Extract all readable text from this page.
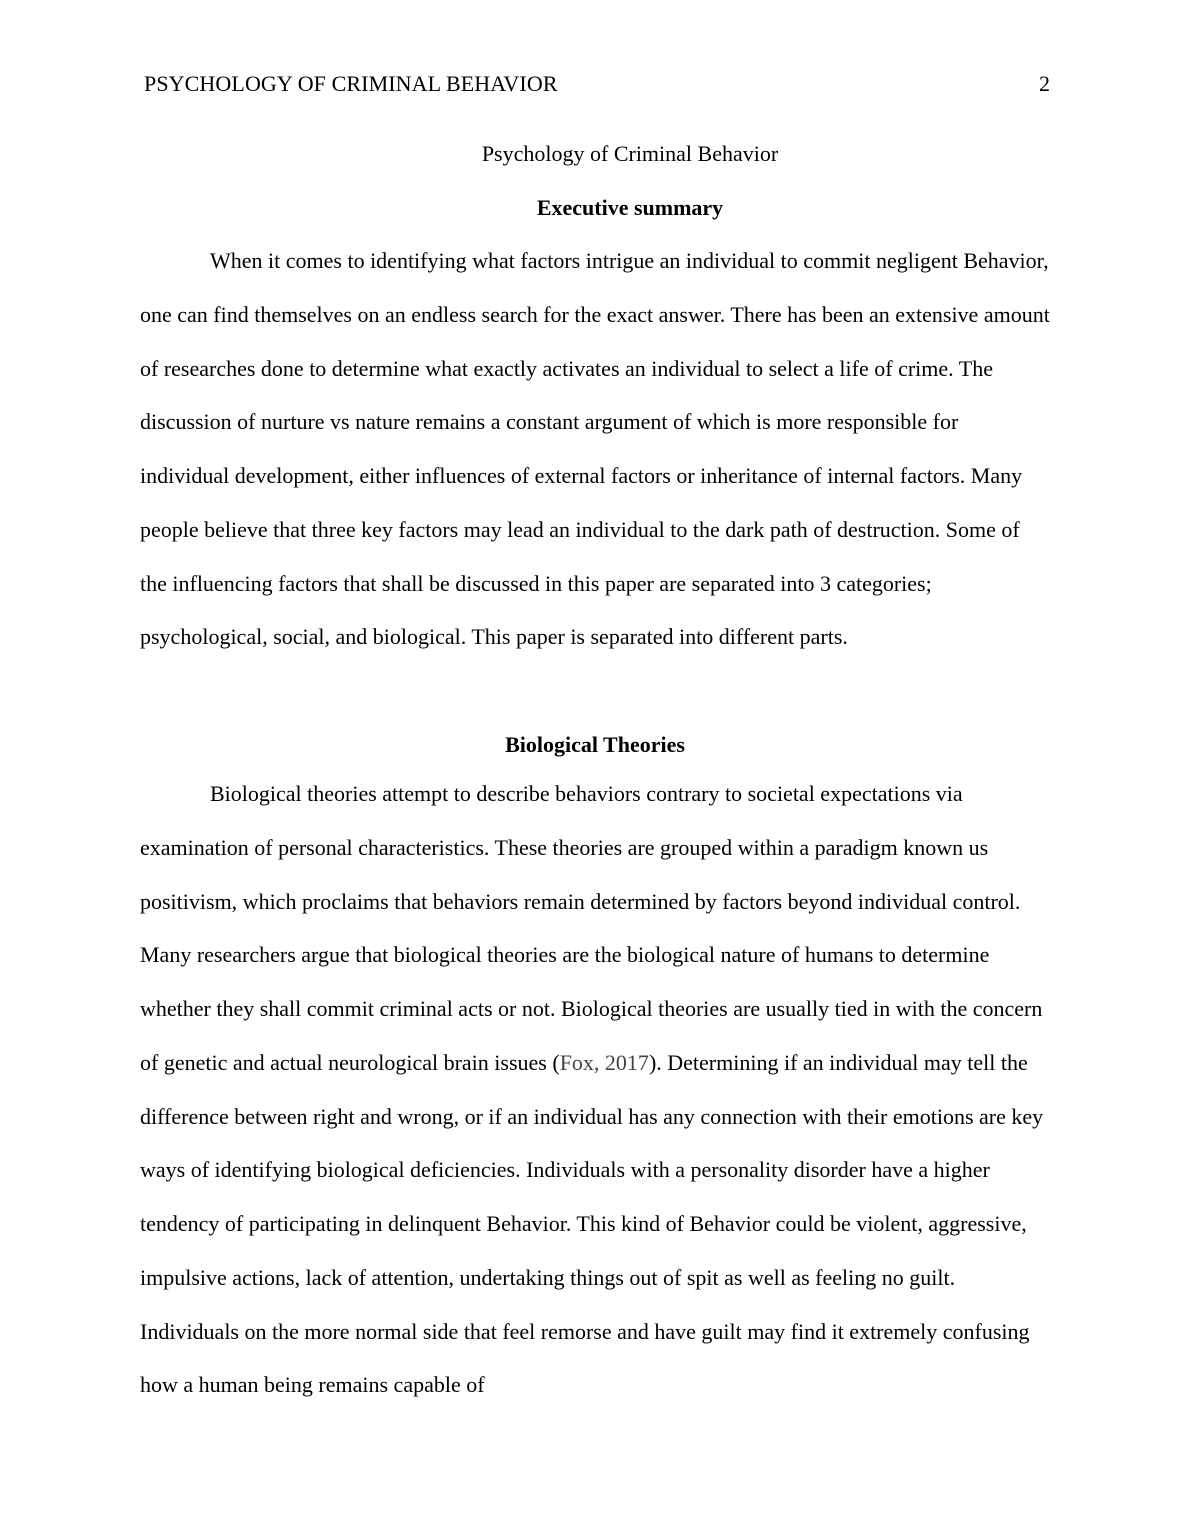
PSYCHOLOGY OF CRIMINAL BEHAVIOR	2
Psychology of Criminal Behavior
Executive summary

When it comes to identifying what factors intrigue an individual to commit negligent Behavior, one can find themselves on an endless search for the exact answer. There has been an extensive amount of researches done to determine what exactly activates an individual to select a life of crime. The discussion of nurture vs nature remains a constant argument of which is more responsible for individual development, either influences of external factors or inheritance of internal factors. Many people believe that three key factors may lead an individual to the dark path of destruction. Some of the influencing factors that shall be discussed in this paper are separated into 3 categories; psychological, social, and biological. This paper is separated into different parts.

Biological Theories

Biological theories attempt to describe behaviors contrary to societal expectations via examination of personal characteristics. These theories are grouped within a paradigm known us positivism, which proclaims that behaviors remain determined by factors beyond individual control. Many researchers argue that biological theories are the biological nature of humans to determine whether they shall commit criminal acts or not. Biological theories are usually tied in with the concern of genetic and actual neurological brain issues (Fox, 2017). Determining if an individual may tell the difference between right and wrong, or if an individual has any connection with their emotions are key ways of identifying biological deficiencies. Individuals with a personality disorder have a higher tendency of participating in delinquent Behavior. This kind of Behavior could be violent, aggressive, impulsive actions, lack of attention, undertaking things out of spit as well as feeling no guilt. Individuals on the more normal side that feel remorse and have guilt may find it extremely confusing how a human being remains capable of
